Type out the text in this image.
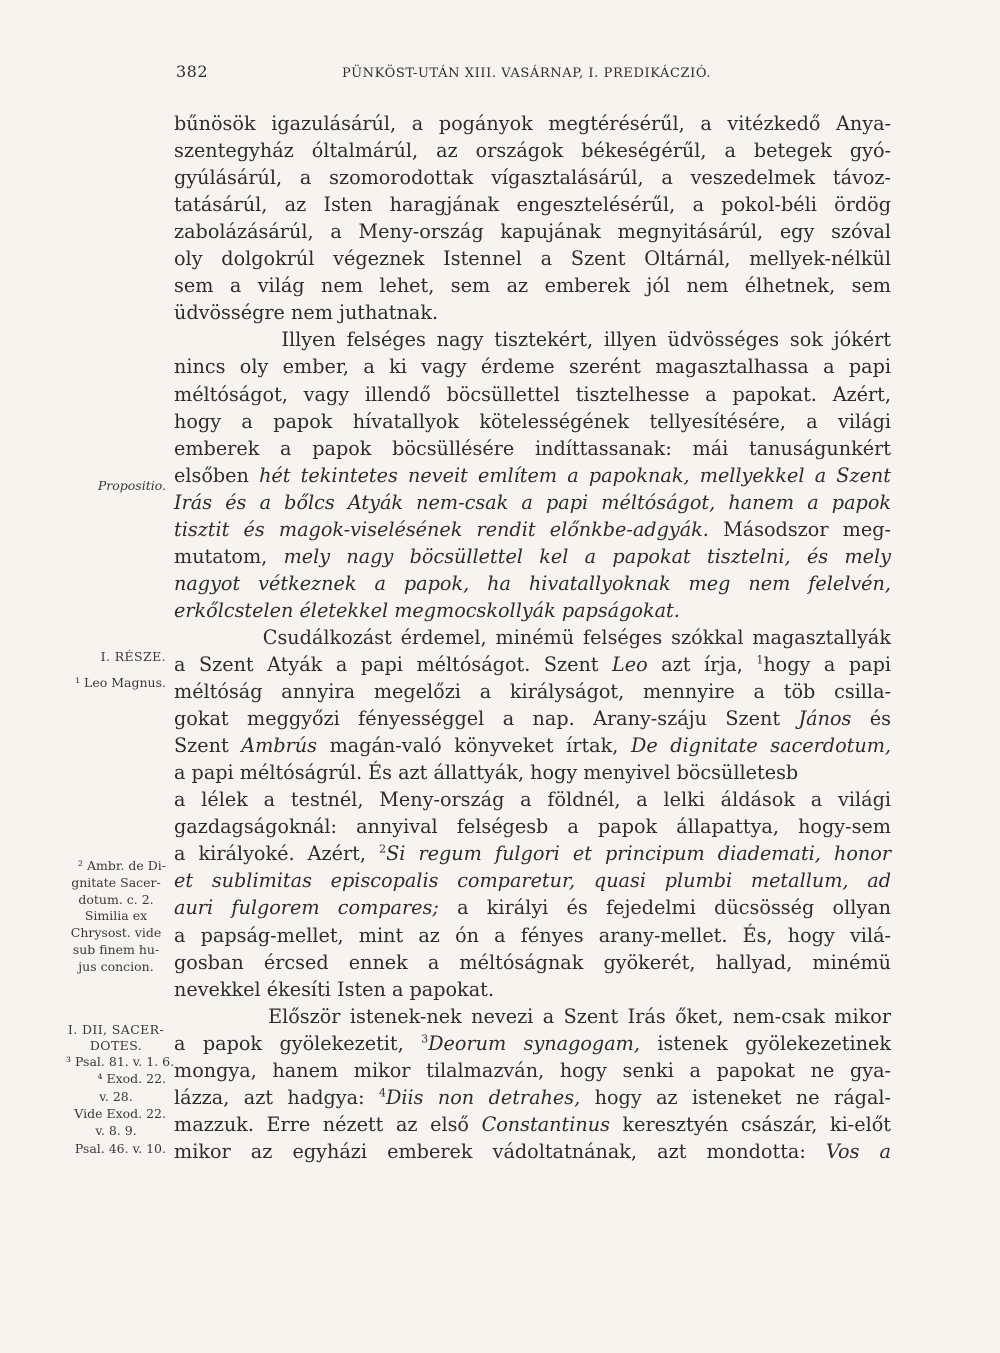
382	PÜNKÖST-UTÁN XIII. VASÁRNAP, I. PREDIKÁCZIÓ.
bűnösök igazulásárúl, a pogányok megtérésérűl, a vitézkedő Anya-
szentegyház óltalmárúl, az országok békeségérűl, a betegek gyó-
gyúlásárúl, a szomorodottak vígasztalásárúl, a veszedelmek távoz-
tatásárúl, az Isten haragjának engesztelésérűl, a pokol-béli ördög
zabolázásárúl, a Meny-ország kapujának megnyitásárúl, egy szóval
oly dolgokrúl végeznek Istennel a Szent Oltárnál, mellyek-nélkül
sem a világ nem lehet, sem az emberek jól nem élhetnek, sem
üdvösségre nem juthatnak.
Illyen felséges nagy tisztekért, illyen üdvösséges sok jókért
nincs oly ember, a ki vagy érdeme szerént magasztalhassa a papi
méltóságot, vagy illendő böcsüllettel tisztelhesse a papokat. Azért,
hogy a papok hívatallyok kötelességének tellyesítésére, a világi
emberek a papok böcsüllésére indíttassanak: mái tanuságunkért
elsőben hét tekintetes neveit említem a papoknak, mellyekkel a Szent
Irás és a bőlcs Atyák nem-csak a papi méltóságot, hanem a papok
tisztit és magok-viselésének rendit előnkbe-adgyák. Másodszor meg-
mutatom, mely nagy böcsüllettel kel a papokat tisztelni, és mely
nagyot vétkeznek a papok, ha hivatallyoknak meg nem felelvén,
erkőlcstelen életekkel megmocskollyák papságokat.
Csudálkozást érdemel, minémü felséges szókkal magasztallyák
a Szent Atyák a papi méltóságot. Szent Leo azt írja, $^1$hogy a papi
méltóság annyira megelőzi a királyságot, mennyire a töb csilla-
gokat meggyőzi fényességgel a nap. Arany-száju Szent János és
Szent Ambrús magán-való könyveket írtak, De dignitate sacerdotum,
a papi méltóságrúl. És azt állattyák, hogy menyivel böcsülletesb
a lélek a testnél, Meny-ország a földnél, a lelki áldások a világi
gazdagságoknál: annyival felségesb a papok állapattya, hogy-sem
a királyoké. Azért, $^2$Si regum fulgori et principum diademati, honor
et sublimitas episcopalis comparetur, quasi plumbi metallum, ad
auri fulgorem compares; a királyi és fejedelmi dücsösség ollyan
a papság-mellet, mint az ón a fényes arany-mellet. És, hogy vilá-
gosban ércsed ennek a méltóságnak gyökerét, hallyad, minémü
nevekkel ékesíti Isten a papokat.
Először istenek-nek nevezi a Szent Irás őket, nem-csak mikor
a papok gyölekezetit, $^3$Deorum synagogam, istenek gyölekezetinek
mongya, hanem mikor tilalmazván, hogy senki a papokat ne gya-
lázza, azt hadgya: $^4$Diis non detrahes, hogy az isteneket ne rágal-
mazzuk. Erre nézett az első Constantinus keresztyén császár, ki-előt
mikor az egyházi emberek vádoltatnának, azt mondotta: Vos a
Propositio.
I. RÉSZE.
¹ Leo Magnus.
² Ambr. de Di-
gnitate Sacer-
dotum. c. 2.
Similia ex
Chrysost. vide
sub finem hu-
jus concion.
I. DII, SACER-
DOTES.
³ Psal. 81. v. 1. 6.
⁴ Exod. 22.
v. 28.
Vide Exod. 22.
v. 8. 9.
Psal. 46. v. 10.
